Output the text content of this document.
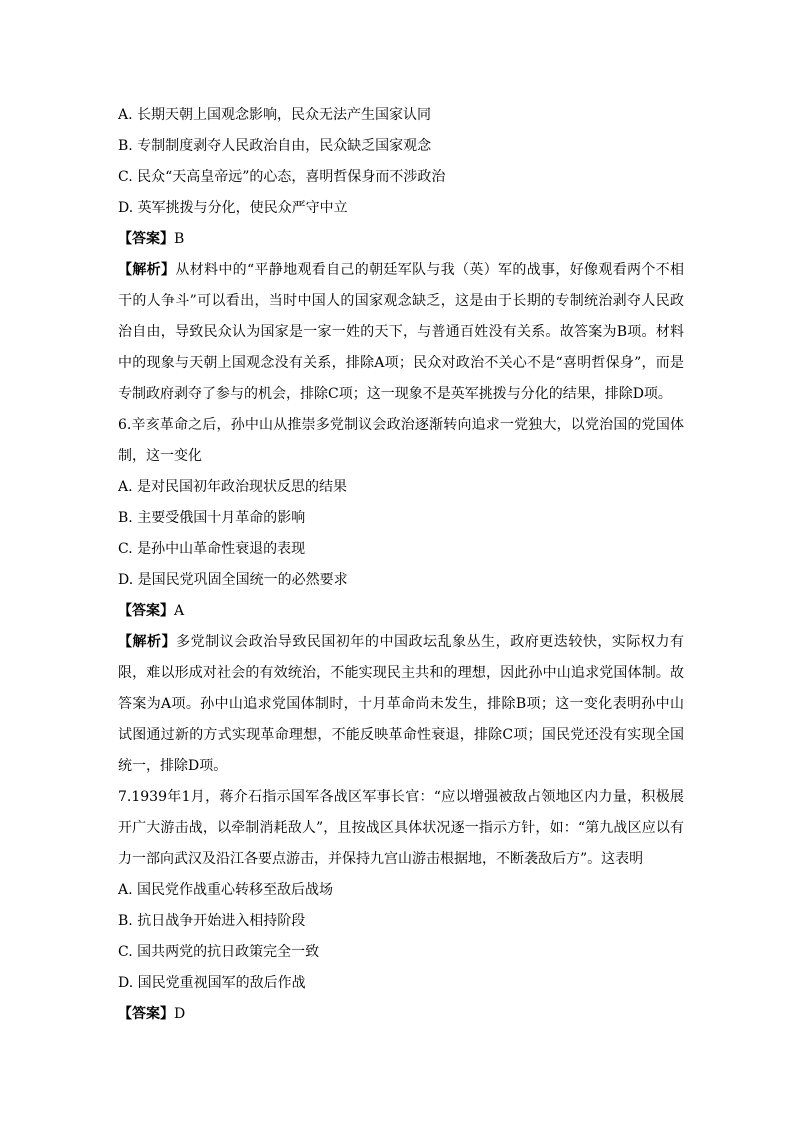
A. 长期天朝上国观念影响，民众无法产生国家认同
B. 专制制度剥夺人民政治自由，民众缺乏国家观念
C. 民众“天高皇帝远”的心态，喜明哲保身而不涉政治
D. 英军挑拨与分化，使民众严守中立
【答案】B
【解析】从材料中的“平静地观看自己的朝廷军队与我（英）军的战事，好像观看两个不相干的人争斗”可以看出，当时中国人的国家观念缺乏，这是由于长期的专制统治剥夺人民政治自由，导致民众认为国家是一家一姓的天下，与普通百姓没有关系。故答案为B项。材料中的现象与天朝上国观念没有关系，排除A项；民众对政治不关心不是“喜明哲保身”，而是专制政府剥夺了参与的机会，排除C项；这一现象不是英军挑拨与分化的结果，排除D项。
6.辛亥革命之后，孙中山从推崇多党制议会政治逐渐转向追求一党独大，以党治国的党国体制，这一变化
A. 是对民国初年政治现状反思的结果
B. 主要受俄国十月革命的影响
C. 是孙中山革命性衰退的表现
D. 是国民党巩固全国统一的必然要求
【答案】A
【解析】多党制议会政治导致民国初年的中国政坛乱象丛生，政府更迭较快，实际权力有限，难以形成对社会的有效统治，不能实现民主共和的理想，因此孙中山追求党国体制。故答案为A项。孙中山追求党国体制时，十月革命尚未发生，排除B项；这一变化表明孙中山试图通过新的方式实现革命理想，不能反映革命性衰退，排除C项；国民党还没有实现全国统一，排除D项。
7.1939年1月，蒋介石指示国军各战区军事长官：“应以增强被敌占领地区内力量，积极展开广大游击战，以牵制消耗敌人”，且按战区具体状况逐一指示方针，如：“第九战区应以有力一部向武汉及沿江各要点游击，并保持九宫山游击根据地，不断袭敌后方”。这表明
A. 国民党作战重心转移至敌后战场
B. 抗日战争开始进入相持阶段
C. 国共两党的抗日政策完全一致
D. 国民党重视国军的敌后作战
【答案】D
